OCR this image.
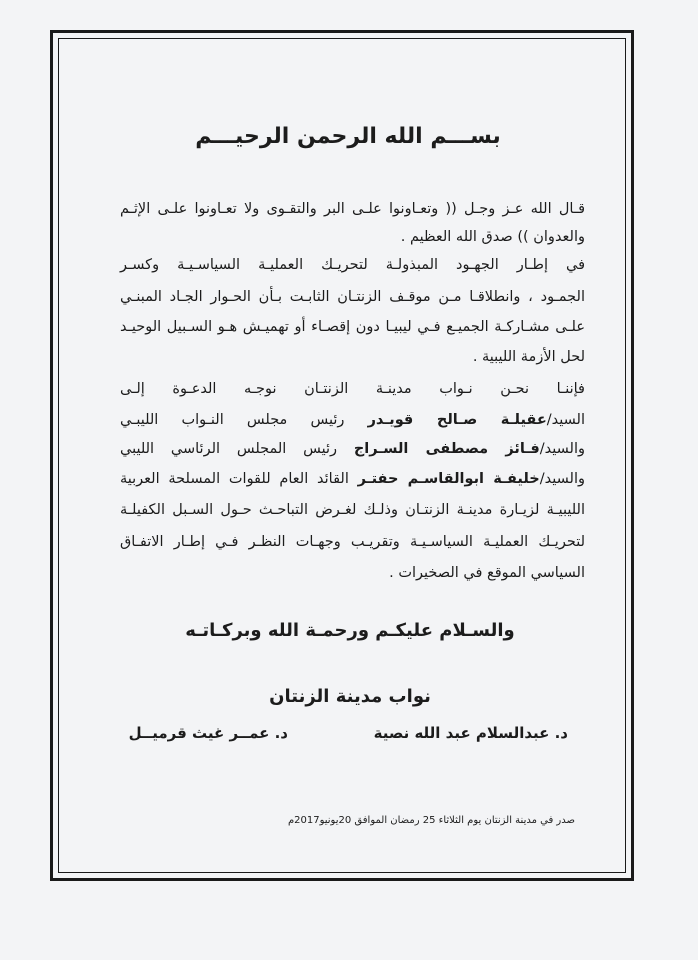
بســـم الله الرحمن الرحيـــم
قـال الله عـز وجـل (( وتعـاونوا علـى البر والتقـوى ولا تعـاونوا علـى الإثـم
والعدوان )) صدق الله العظيم .
في إطـار الجهـود المبذولـة لتحريـك العمليـة السياسـيـة وكسـر
الجمـود ، وانطلاقـا مـن موقـف الزنتـان الثابـت بـأن الحـوار الجـاد المبنـي
علـى مشـاركـة الجميـع فـي ليبيـا دون إقصـاء أو تهميـش هـو السـبيل الوحيـد
لحل الأزمة الليبية .
فإننـا نحـن نـواب مدينـة الزنتـان نوجـه الدعـوة إلـى
السيد/عقيلـة صـالح قويـدر رئيس مجلس النـواب الليبـي
والسيد/فـائز مصطفى السـراج رئيس المجلس الرئاسي الليبي
والسيد/خليفـة ابوالقاسـم حفتـر القائد العام للقوات المسلحة العربية
الليبيـة لزيـارة مدينـة الزنتـان وذلـك لغـرض التباحـث حـول السـبل الكفيلـة
لتحريـك العمليـة السياسـيـة وتقريـب وجهـات النظـر فـي إطـار الاتفـاق
السياسي الموقع في الصخيرات .
والسـلام عليكـم ورحمـة الله وبركـاتـه
نواب مدينة الزنتان
د. عبدالسلام عبد الله نصية
د. عمــر غيث قرميــل
صدر في مدينة الزنتان يوم الثلاثاء 25 رمضان الموافق 20يونيو2017م
